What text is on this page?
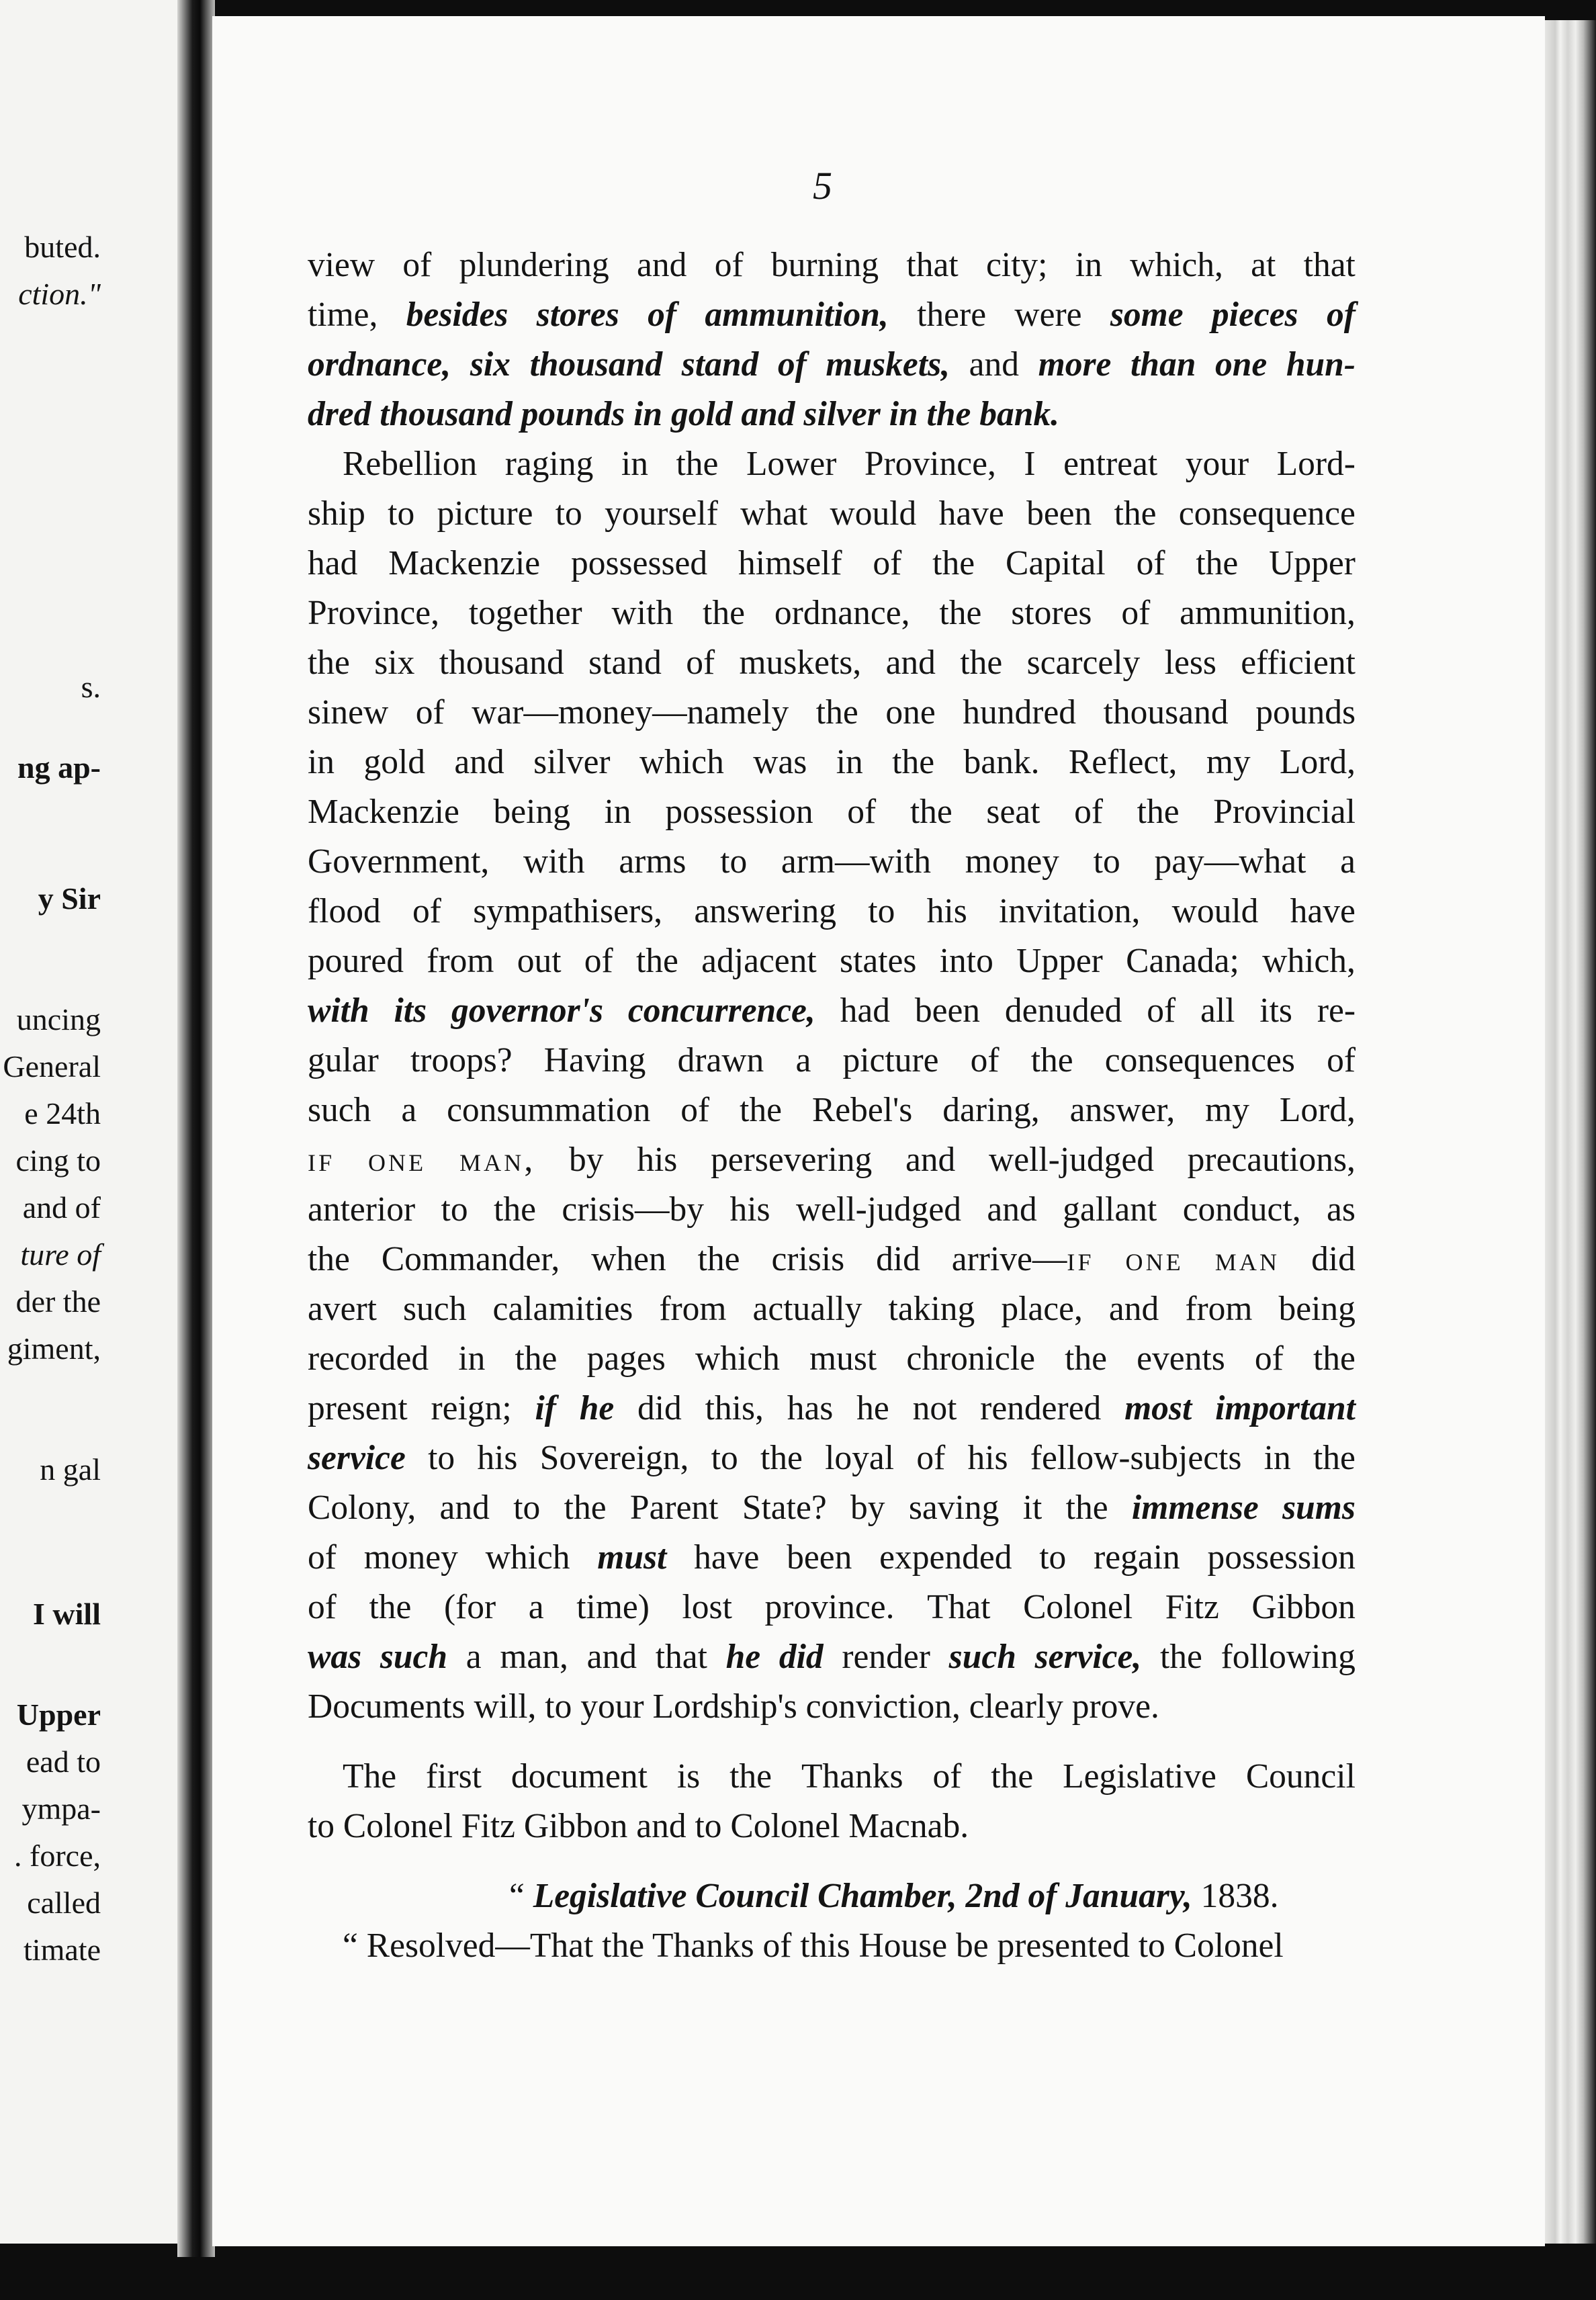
buted.
ction."
s.
ng ap-
y Sir
uncing
General
e 24th
cing to
and of
ture of
der the
giment,
n gal
I will
Upper
ead to
ympa-
. force,
called
timate
5
view of plundering and of burning that city; in which, at that
time, besides stores of ammunition, there were some pieces of
ordnance, six thousand stand of muskets, and more than one hun-
dred thousand pounds in gold and silver in the bank.
Rebellion raging in the Lower Province, I entreat your Lord-
ship to picture to yourself what would have been the consequence
had Mackenzie possessed himself of the Capital of the Upper
Province, together with the ordnance, the stores of ammunition,
the six thousand stand of muskets, and the scarcely less efficient
sinew of war—money—namely the one hundred thousand pounds
in gold and silver which was in the bank. Reflect, my Lord,
Mackenzie being in possession of the seat of the Provincial
Government, with arms to arm—with money to pay—what a
flood of sympathisers, answering to his invitation, would have
poured from out of the adjacent states into Upper Canada; which,
with its governor's concurrence, had been denuded of all its re-
gular troops? Having drawn a picture of the consequences of
such a consummation of the Rebel's daring, answer, my Lord,
if one man, by his persevering and well-judged precautions,
anterior to the crisis—by his well-judged and gallant conduct, as
the Commander, when the crisis did arrive—if one man did
avert such calamities from actually taking place, and from being
recorded in the pages which must chronicle the events of the
present reign; if he did this, has he not rendered most important
service to his Sovereign, to the loyal of his fellow-subjects in the
Colony, and to the Parent State? by saving it the immense sums
of money which must have been expended to regain possession
of the (for a time) lost province. That Colonel Fitz Gibbon
was such a man, and that he did render such service, the following
Documents will, to your Lordship's conviction, clearly prove.
The first document is the Thanks of the Legislative Council
to Colonel Fitz Gibbon and to Colonel Macnab.
“ Legislative Council Chamber, 2nd of January, 1838.
“ Resolved—That the Thanks of this House be presented to Colonel
